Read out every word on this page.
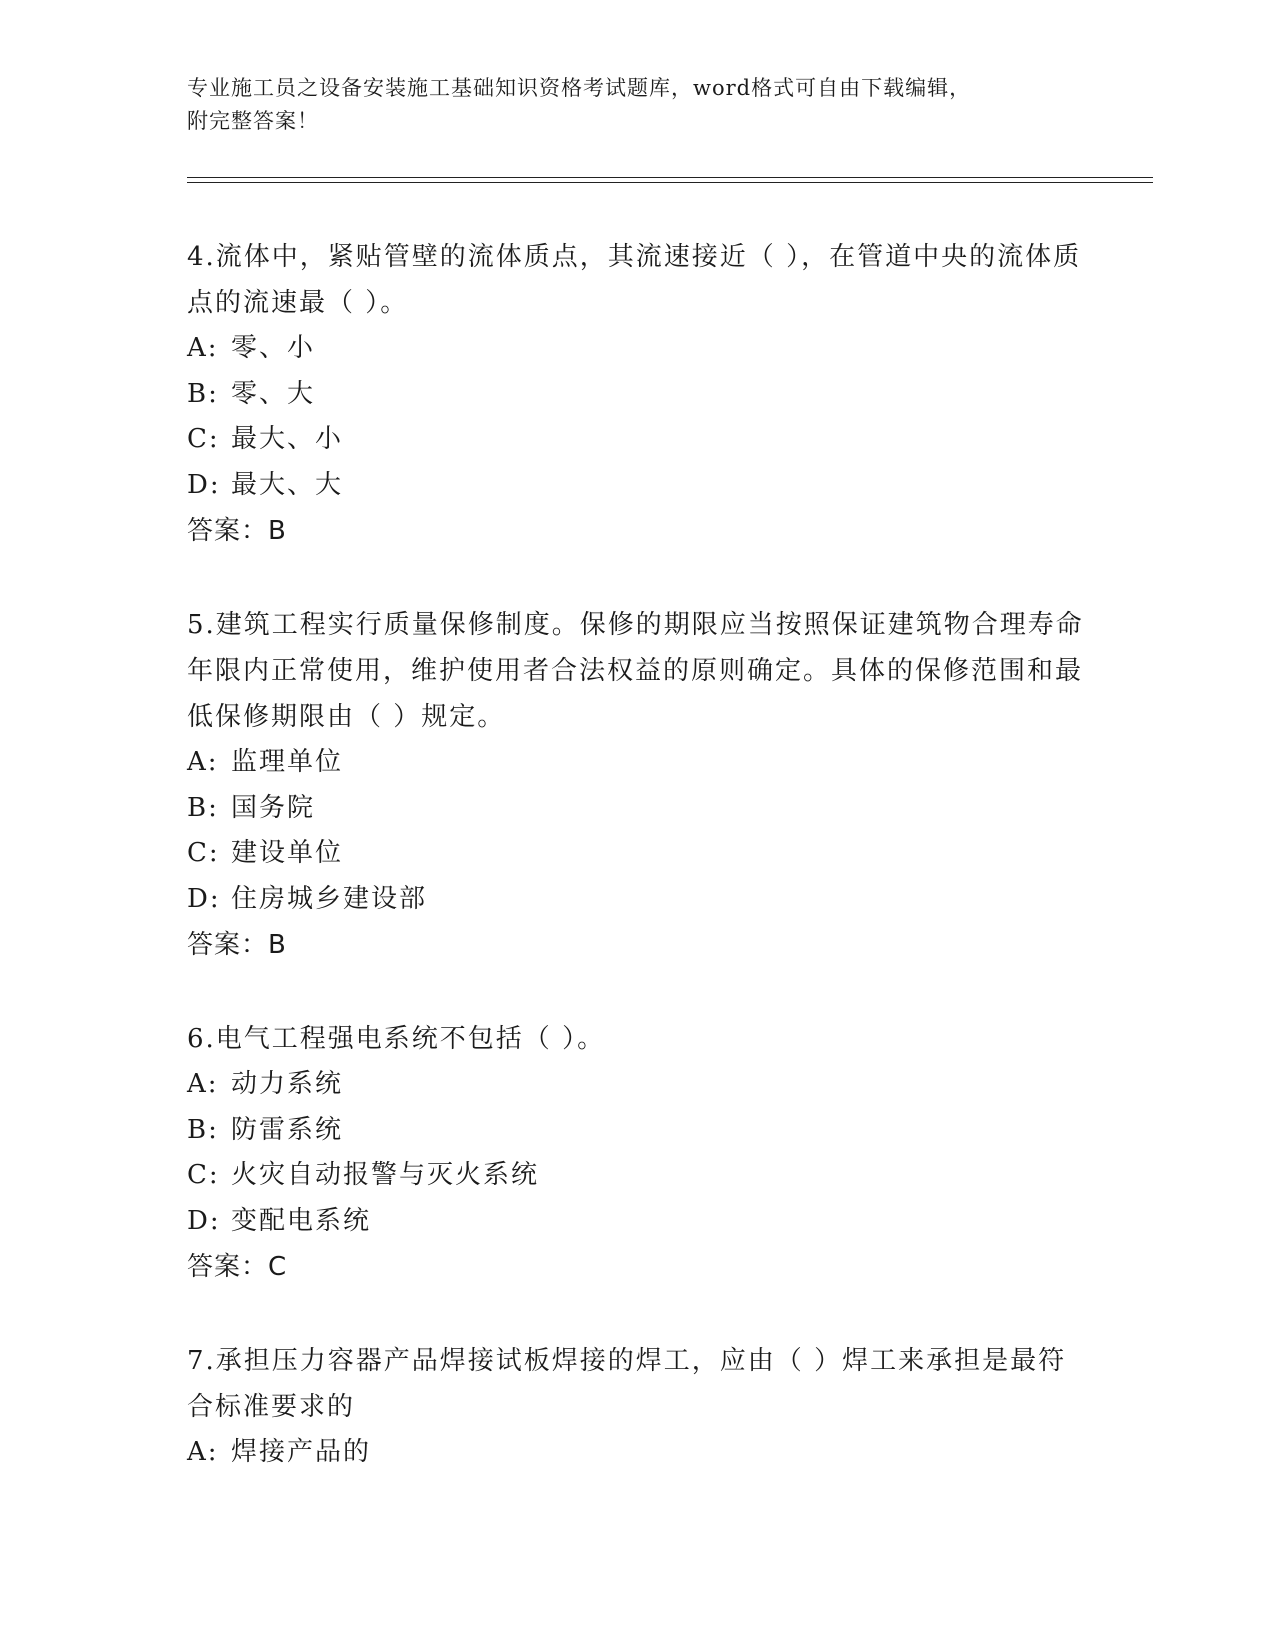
专业施工员之设备安装施工基础知识资格考试题库，word格式可自由下载编辑，
附完整答案！

4.流体中，紧贴管壁的流体质点，其流速接近（ ），在管道中央的流体质点的流速最（ ）。

A: 零、小

B: 零、大

C: 最大、小

D: 最大、大

答案：B

5.建筑工程实行质量保修制度。保修的期限应当按照保证建筑物合理寿命年限内正常使用，维护使用者合法权益的原则确定。具体的保修范围和最低保修期限由（ ）规定。

A: 监理单位

B: 国务院

C: 建设单位

D: 住房城乡建设部

答案：B

6.电气工程强电系统不包括（ ）。

A: 动力系统

B: 防雷系统

C: 火灾自动报警与灭火系统

D: 变配电系统

答案：C

7.承担压力容器产品焊接试板焊接的焊工，应由（ ）焊工来承担是最符合标准要求的

A: 焊接产品的
